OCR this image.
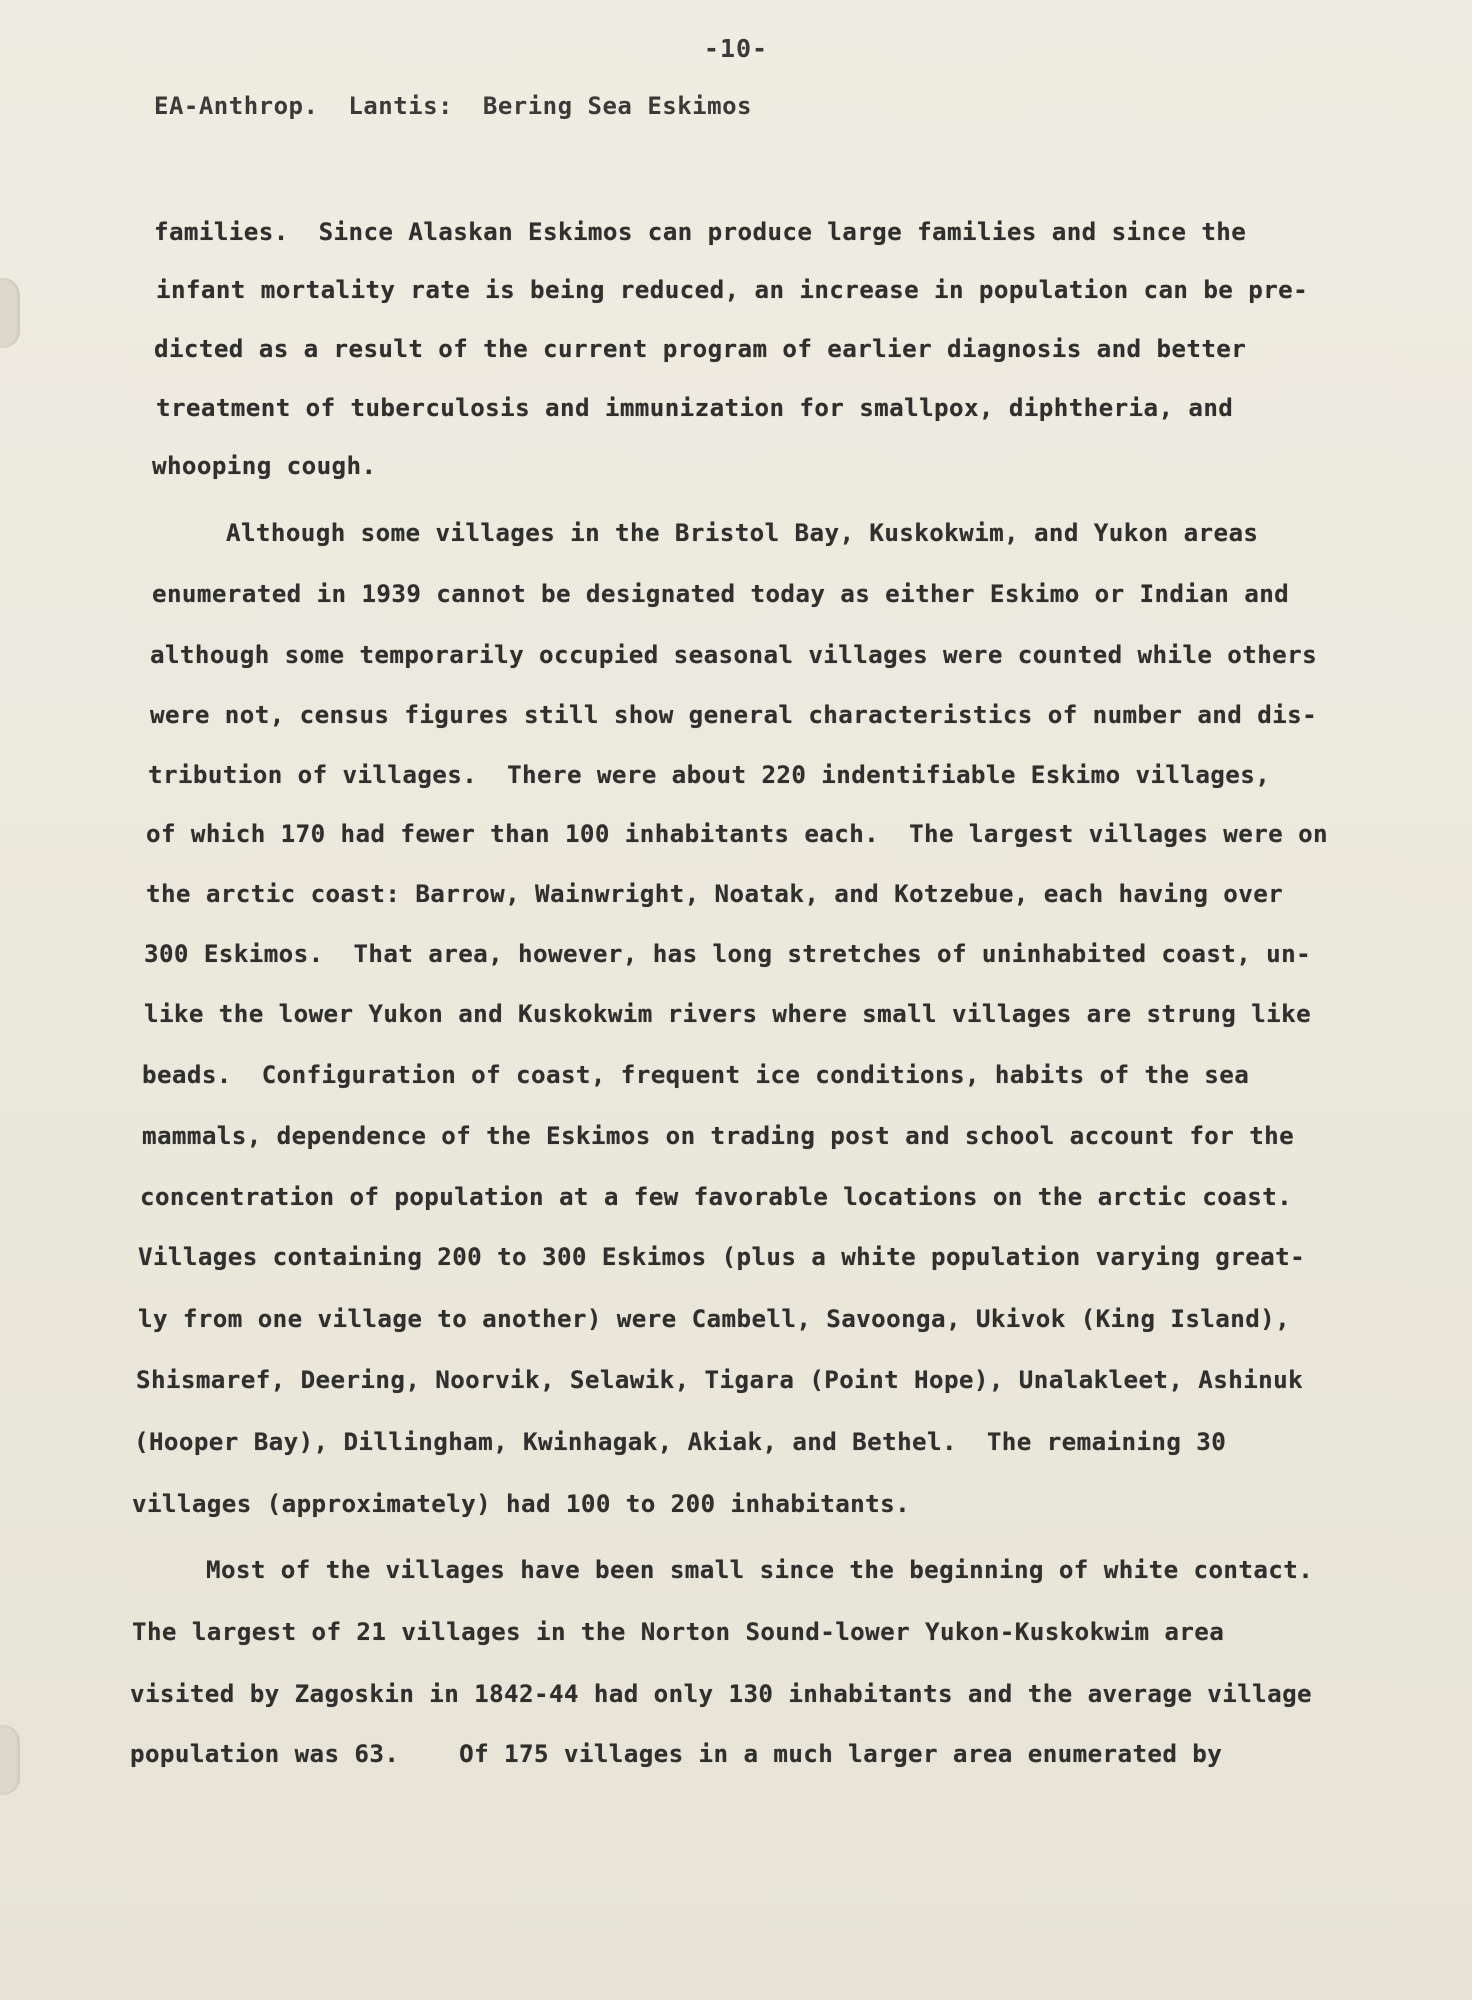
-10-
EA-Anthrop.  Lantis:  Bering Sea Eskimos
families.  Since Alaskan Eskimos can produce large families and since the
infant mortality rate is being reduced, an increase in population can be pre-
dicted as a result of the current program of earlier diagnosis and better
treatment of tuberculosis and immunization for smallpox, diphtheria, and
whooping cough.
Although some villages in the Bristol Bay, Kuskokwim, and Yukon areas
enumerated in 1939 cannot be designated today as either Eskimo or Indian and
although some temporarily occupied seasonal villages were counted while others
were not, census figures still show general characteristics of number and dis-
tribution of villages.  There were about 220 indentifiable Eskimo villages,
of which 170 had fewer than 100 inhabitants each.  The largest villages were on
the arctic coast: Barrow, Wainwright, Noatak, and Kotzebue, each having over
300 Eskimos.  That area, however, has long stretches of uninhabited coast, un-
like the lower Yukon and Kuskokwim rivers where small villages are strung like
beads.  Configuration of coast, frequent ice conditions, habits of the sea
mammals, dependence of the Eskimos on trading post and school account for the
concentration of population at a few favorable locations on the arctic coast.
Villages containing 200 to 300 Eskimos (plus a white population varying great-
ly from one village to another) were Cambell, Savoonga, Ukivok (King Island),
Shismaref, Deering, Noorvik, Selawik, Tigara (Point Hope), Unalakleet, Ashinuk
(Hooper Bay), Dillingham, Kwinhagak, Akiak, and Bethel.  The remaining 30
villages (approximately) had 100 to 200 inhabitants.
Most of the villages have been small since the beginning of white contact.
The largest of 21 villages in the Norton Sound-lower Yukon-Kuskokwim area
visited by Zagoskin in 1842-44 had only 130 inhabitants and the average village
population was 63.    Of 175 villages in a much larger area enumerated by
